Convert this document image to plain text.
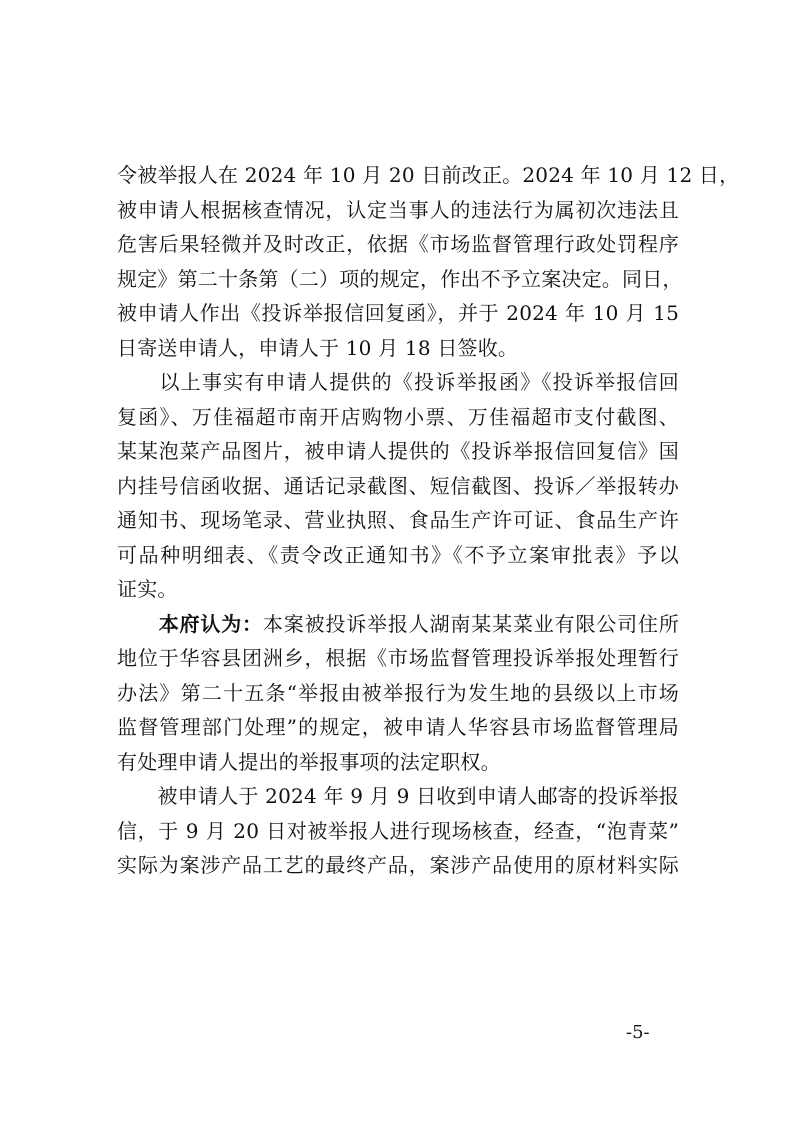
令被举报人在 2024 年 10 月 20 日前改正。2024 年 10 月 12 日，
被申请人根据核查情况，认定当事人的违法行为属初次违法且
危害后果轻微并及时改正，依据《市场监督管理行政处罚程序
规定》第二十条第（二）项的规定，作出不予立案决定。同日，
被申请人作出《投诉举报信回复函》，并于 2024 年 10 月 15
日寄送申请人，申请人于 10 月 18 日签收。
　　以上事实有申请人提供的《投诉举报函》《投诉举报信回
复函》、万佳福超市南开店购物小票、万佳福超市支付截图、
某某泡菜产品图片，被申请人提供的《投诉举报信回复信》国
内挂号信函收据、通话记录截图、短信截图、投诉／举报转办
通知书、现场笔录、营业执照、食品生产许可证、食品生产许
可品种明细表、《责令改正通知书》《不予立案审批表》予以
证实。
　　本府认为：本案被投诉举报人湖南某某菜业有限公司住所
地位于华容县团洲乡，根据《市场监督管理投诉举报处理暂行
办法》第二十五条“举报由被举报行为发生地的县级以上市场
监督管理部门处理”的规定，被申请人华容县市场监督管理局
有处理申请人提出的举报事项的法定职权。
　　被申请人于 2024 年 9 月 9 日收到申请人邮寄的投诉举报
信，于 9 月 20 日对被举报人进行现场核查，经查，“泡青菜”
实际为案涉产品工艺的最终产品，案涉产品使用的原材料实际
-5-
